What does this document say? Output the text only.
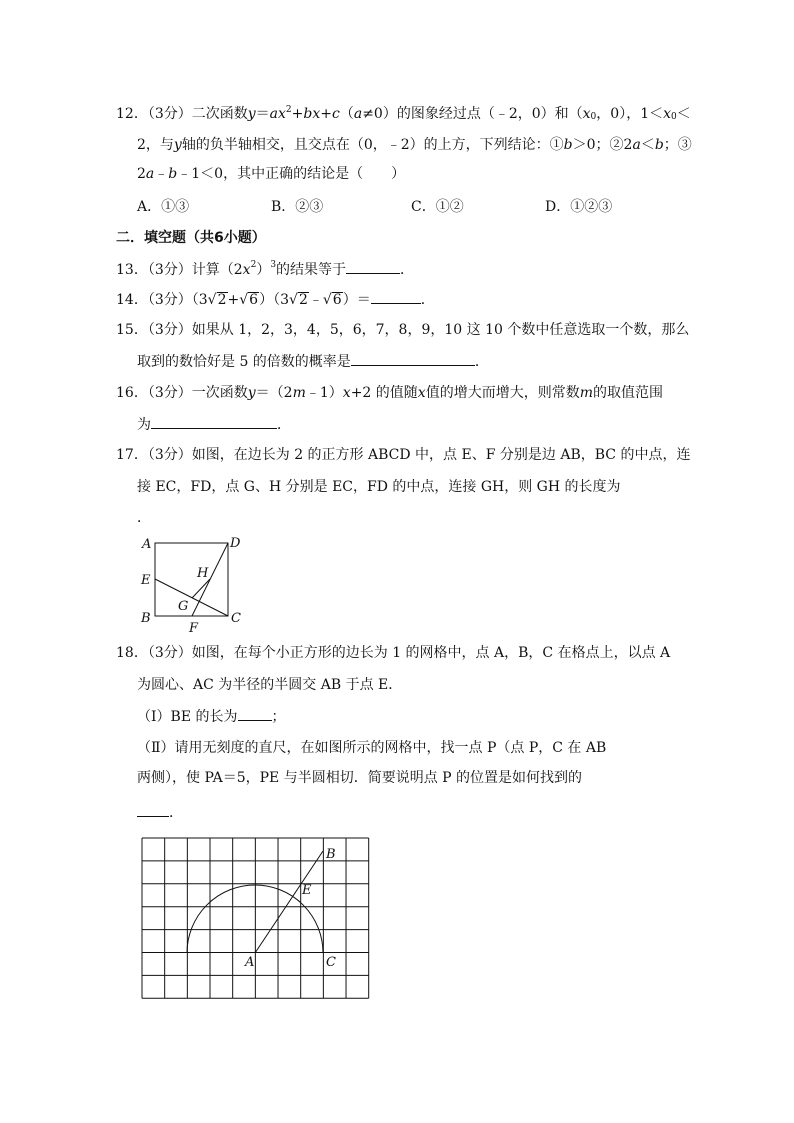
12．（3分）二次函数$y=ax^2+bx+c(a\ne 0)$的图象经过点（﹣2，0）和（$x_0$，0），$1<x_0<$
2，与y轴的负半轴相交，且交点在（0，﹣2）的上方，下列结论：①b＞0；②2a＜b；③
2a﹣b﹣1＜0，其中正确的结论是（　　）
A．①③	B．②③	C．①②	D．①②③
二．填空题（共6小题）
13．（3分）计算$(2x^2)^3$的结果等于	．
14．（3分）（3√2+√6）（3√2﹣√6）＝	．
15．（3分）如果从 1，2，3，4，5，6，7，8，9，10 这 10 个数中任意选取一个数，那么
取到的数恰好是 5 的倍数的概率是	．
16．（3分）一次函数y＝（2m﹣1）x+2 的值随x值的增大而增大，则常数m的取值范围
为	．
17．（3分）如图，在边长为 2 的正方形 ABCD 中，点 E、F 分别是边 AB，BC 的中点，连
接 EC，FD，点 G、H 分别是 EC，FD 的中点，连接 GH，则 GH 的长度为
．
A	D
E	H
G
B	C
F
18．（3分）如图，在每个小正方形的边长为 1 的网格中，点 A，B，C 在格点上，以点 A
为圆心、AC 为半径的半圆交 AB 于点 E．
（Ⅰ）BE 的长为 ；
（Ⅱ）请用无刻度的直尺，在如图所示的网格中，找一点 P（点 P，C 在 AB
两侧），使 PA＝5，PE 与半圆相切．简要说明点 P 的位置是如何找到的
．
B
E
A	C
